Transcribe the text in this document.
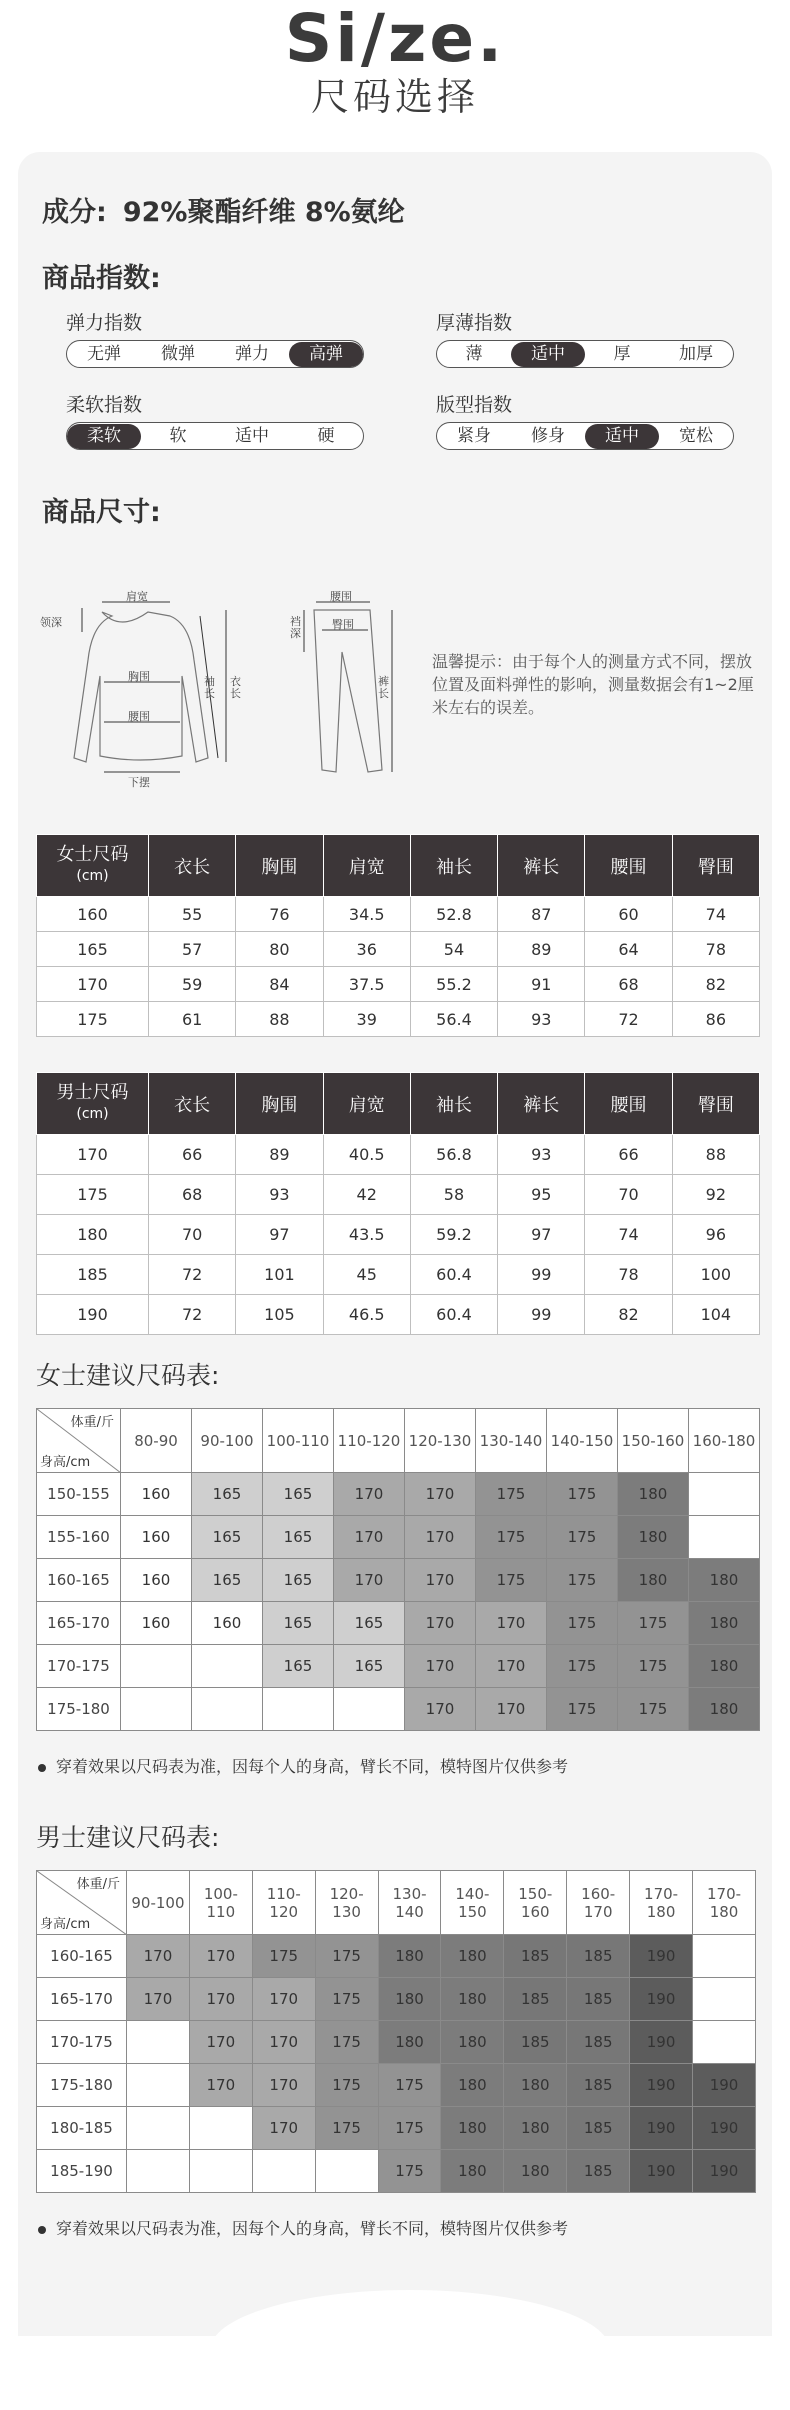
Si/ze.
尺码选择
成分: 92%聚酯纤维 8%氨纶
商品指数:
弹力指数
无弹	微弹	弹力	高弹
厚薄指数
薄	适中	厚	加厚
柔软指数
柔软	软	适中	硬
版型指数
紧身	修身	适中	宽松
商品尺寸:
肩宽
领深
胸围
腰围
下摆
袖长
衣长
腰围
臀围
裆深
裤长
温馨提示：由于每个人的测量方式不同，摆放位置及面料弹性的影响，测量数据会有1~2厘米左右的误差。
女士尺码
(cm)	衣长	胸围	肩宽	袖长	裤长	腰围	臀围
160	55	76	34.5	52.8	87	60	74
165	57	80	36	54	89	64	78
170	59	84	37.5	55.2	91	68	82
175	61	88	39	56.4	93	72	86
男士尺码
(cm)	衣长	胸围	肩宽	袖长	裤长	腰围	臀围
170	66	89	40.5	56.8	93	66	88
175	68	93	42	58	95	70	92
180	70	97	43.5	59.2	97	74	96
185	72	101	45	60.4	99	78	100
190	72	105	46.5	60.4	99	82	104
女士建议尺码表:
体重/斤
身高/cm	80-90	90-100	100-110	110-120	120-130	130-140	140-150	150-160	160-180
150-155	160	165	165	170	170	175	175	180	
155-160	160	165	165	170	170	175	175	180	
160-165	160	165	165	170	170	175	175	180	180
165-170	160	160	165	165	170	170	175	175	180
170-175			165	165	170	170	175	175	180
175-180					170	170	175	175	180
穿着效果以尺码表为准，因每个人的身高，臂长不同，模特图片仅供参考
男士建议尺码表:
体重/斤
身高/cm	90-100	100-110	110-120	120-130	130-140	140-150	150-160	160-170	170-180	170-180
160-165	170	170	175	175	180	180	185	185	190	
165-170	170	170	170	175	180	180	185	185	190	
170-175		170	170	175	180	180	185	185	190	
175-180		170	170	175	175	180	180	185	190	190
180-185			170	175	175	180	180	185	190	190
185-190					175	180	180	185	190	190
穿着效果以尺码表为准，因每个人的身高，臂长不同，模特图片仅供参考
